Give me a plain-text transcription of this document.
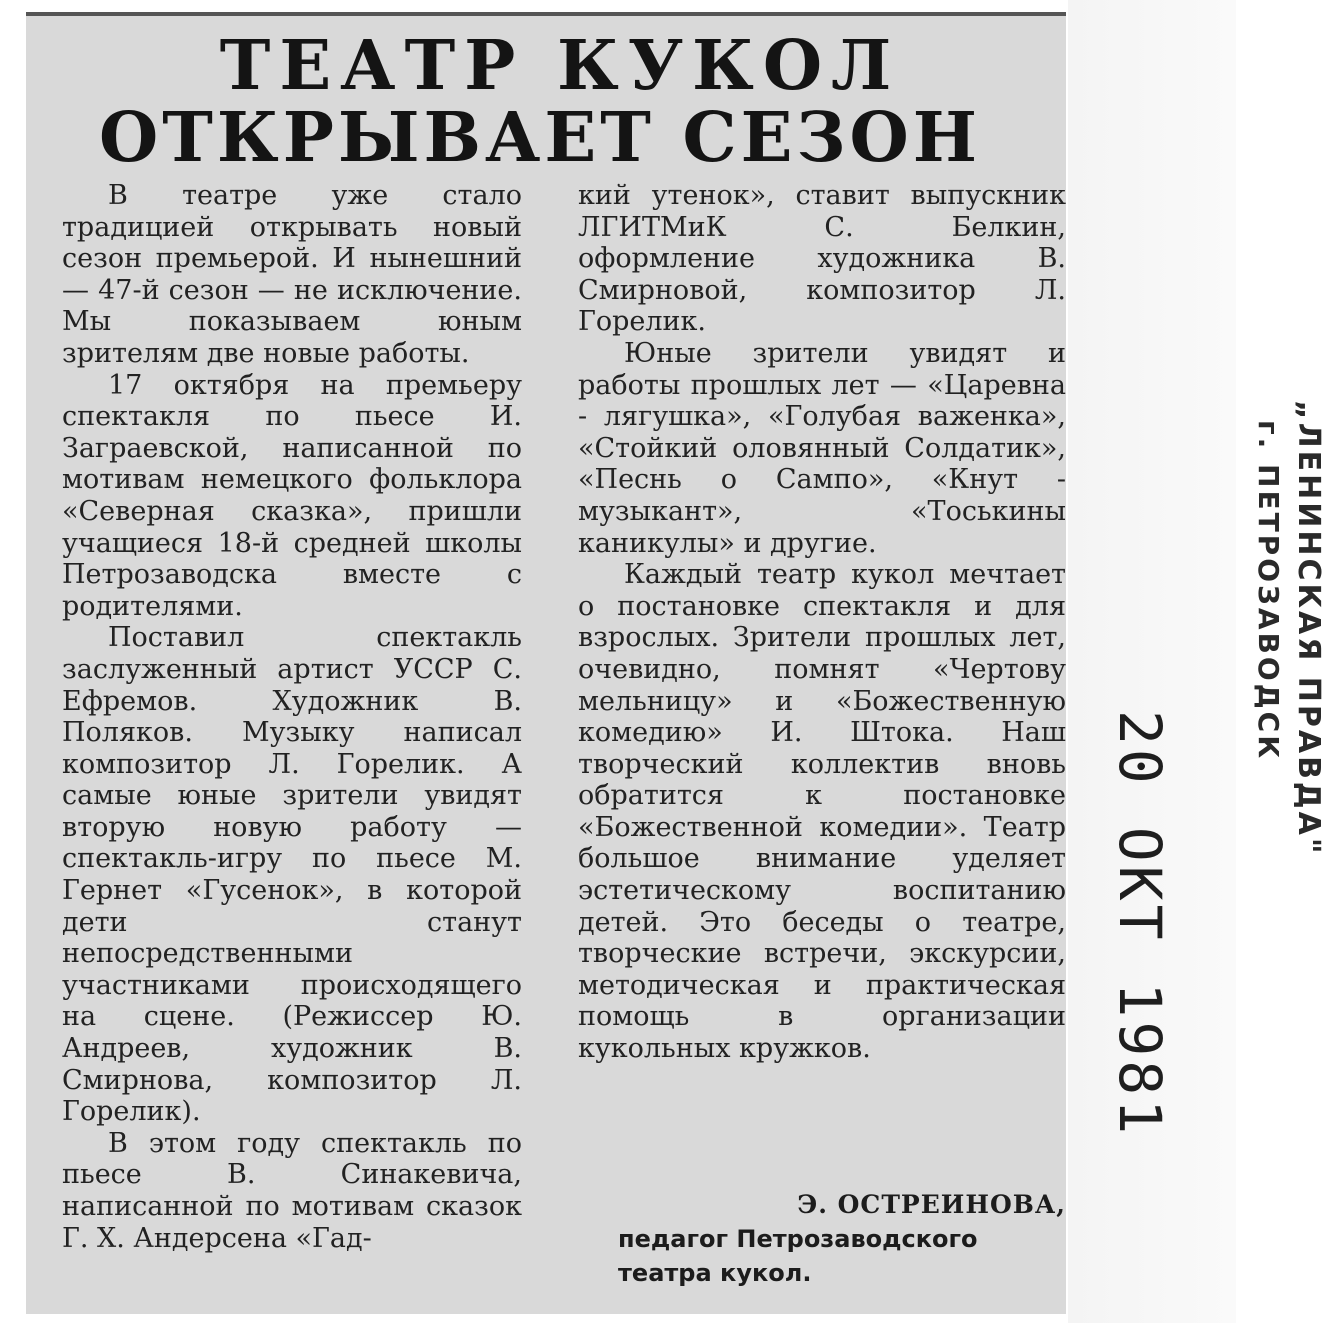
ТЕАТР КУКОЛ
ОТКРЫВАЕТ СЕЗОН

В театре уже стало традицией открывать новый сезон премьерой. И нынешний — 47-й сезон — не исключение. Мы показываем юным зрителям две новые работы.

17 октября на премьеру спектакля по пьесе И. Заграевской, написанной по мотивам немецкого фольклора «Северная сказка», пришли учащиеся 18-й средней школы Петрозаводска вместе с родителями.

Поставил спектакль заслуженный артист УССР С. Ефремов. Художник В. Поляков. Музыку написал композитор Л. Горелик. А самые юные зрители увидят вторую новую работу — спектакль-игру по пьесе М. Гернет «Гусенок», в которой дети станут непосредственными участниками происходящего на сцене. (Режиссер Ю. Андреев, художник В. Смирнова, композитор Л. Горелик).

В этом году спектакль по пьесе В. Синакевича, написанной по мотивам сказок Г. Х. Андерсена «Гад-

кий утенок», ставит выпускник ЛГИТМиК С. Белкин, оформление художника В. Смирновой, композитор Л. Горелик.

Юные зрители увидят и работы прошлых лет — «Царевна - лягушка», «Голубая важенка», «Стойкий оловянный Солдатик», «Песнь о Сампо», «Кнут - музыкант», «Тоськины каникулы» и другие.

Каждый театр кукол мечтает о постановке спектакля и для взрослых. Зрители прошлых лет, очевидно, помнят «Чертову мельницу» и «Божественную комедию» И. Штока. Наш творческий коллектив вновь обратится к постановке «Божественной комедии». Театр большое внимание уделяет эстетическому воспитанию детей. Это беседы о театре, творческие встречи, экскурсии, методическая и практическая помощь в организации кукольных кружков.

Э. ОСТРЕИНОВА,
педагог Петрозаводского
театра кукол.
„ЛЕНИНСКАЯ ПРАВДА"
г. ПЕТРОЗАВОДСК
20 ОКТ 1981
